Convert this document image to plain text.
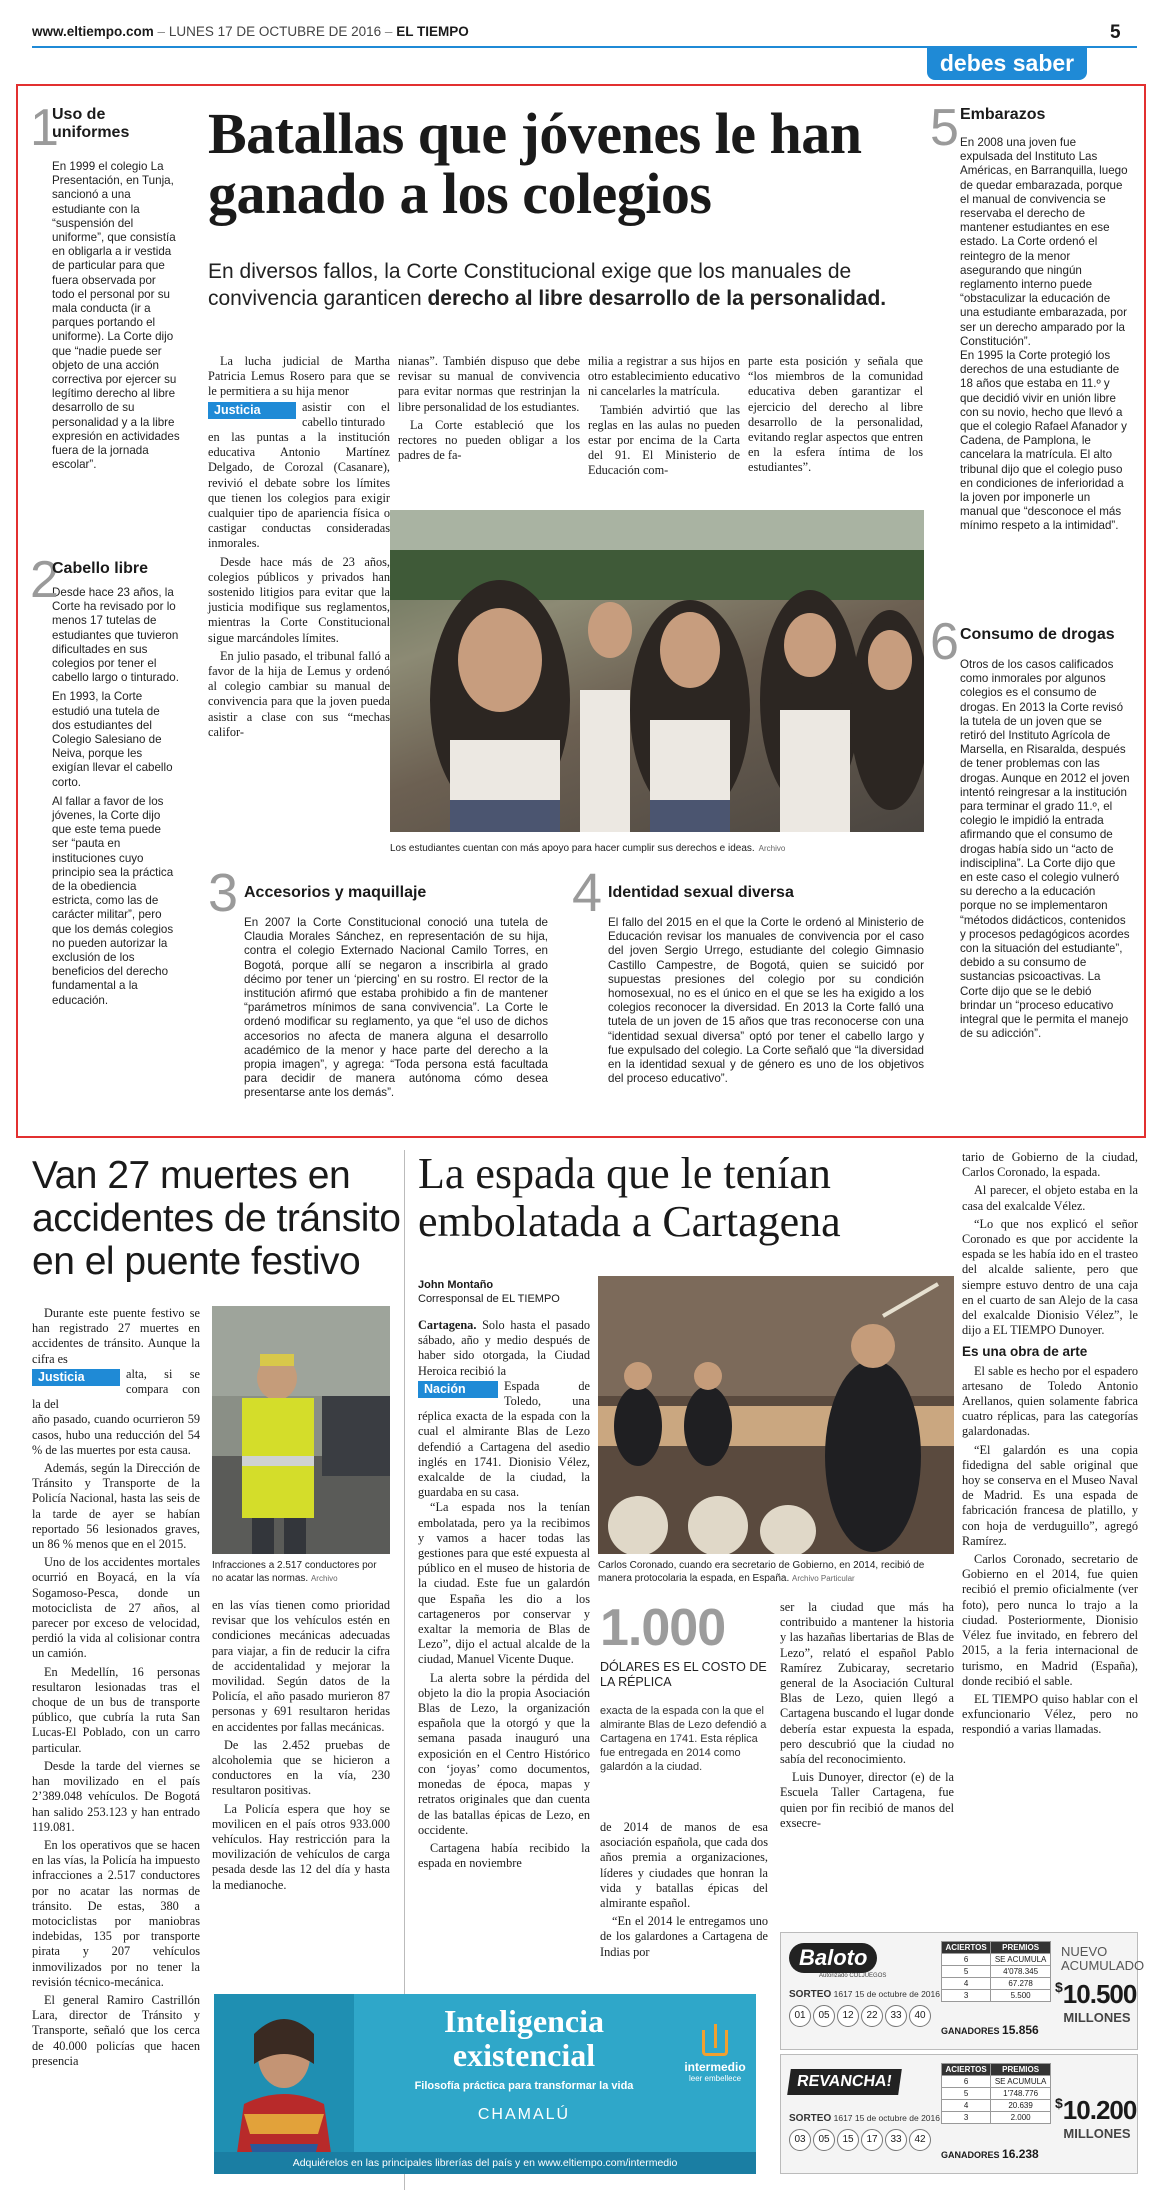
www.eltiempo.com – LUNES 17 DE OCTUBRE DE 2016 – EL TIEMPO	5
debes saber
1
Uso de uniformes
En 1999 el colegio La Presentación, en Tunja, sancionó a una estudiante con la “suspensión del uniforme”, que consistía en obligarla a ir vestida de particular para que fuera observada por todo el personal por su mala conducta (ir a parques portando el uniforme). La Corte dijo que “nadie puede ser objeto de una acción correctiva por ejercer su legítimo derecho al libre desarrollo de su personalidad y a la libre expresión en actividades fuera de la jornada escolar”.
2
Cabello libre
Desde hace 23 años, la Corte ha revisado por lo menos 17 tutelas de estudiantes que tuvieron dificultades en sus colegios por tener el cabello largo o tinturado.
En 1993, la Corte estudió una tutela de dos estudiantes del Colegio Salesiano de Neiva, porque les exigían llevar el cabello corto.
Al fallar a favor de los jóvenes, la Corte dijo que este tema puede ser “pauta en instituciones cuyo principio sea la práctica de la obediencia estricta, como las de carácter militar”, pero que los demás colegios no pueden autorizar la exclusión de los beneficios del derecho fundamental a la educación.
Batallas que jóvenes le han ganado a los colegios
En diversos fallos, la Corte Constitucional exige que los manuales de convivencia garanticen derecho al libre desarrollo de la personalidad.
La lucha judicial de Martha Patricia Lemus Rosero para que se le permitiera a su hija menor
Justicia	asistir con el cabello tinturado
en las puntas a la institución educativa Antonio Martínez Delgado, de Corozal (Casanare), revivió el debate sobre los límites que tienen los colegios para exigir cualquier tipo de apariencia física o castigar conductas consideradas inmorales.
Desde hace más de 23 años, colegios públicos y privados han sostenido litigios para evitar que la justicia modifique sus reglamentos, mientras la Corte Constitucional sigue marcándoles límites.
En julio pasado, el tribunal falló a favor de la hija de Lemus y ordenó al colegio cambiar su manual de convivencia para que la joven pueda asistir a clase con sus “mechas califor-
nianas”. También dispuso que debe revisar su manual de convivencia para evitar normas que restrinjan la libre personalidad de los estudiantes.
La Corte estableció que los rectores no pueden obligar a los padres de fa-
milia a registrar a sus hijos en otro establecimiento educativo ni cancelarles la matrícula.
También advirtió que las reglas en las aulas no pueden estar por encima de la Carta del 91. El Ministerio de Educación com-
parte esta posición y señala que “los miembros de la comunidad educativa deben garantizar el ejercicio del derecho al libre desarrollo de la personalidad, evitando reglar aspectos que entren en la esfera íntima de los estudiantes”.
Los estudiantes cuentan con más apoyo para hacer cumplir sus derechos e ideas. Archivo
3 Accesorios y maquillaje
En 2007 la Corte Constitucional conoció una tutela de Claudia Morales Sánchez, en representación de su hija, contra el colegio Externado Nacional Camilo Torres, en Bogotá, porque allí se negaron a inscribirla al grado décimo por tener un ‘piercing’ en su rostro. El rector de la institución afirmó que estaba prohibido a fin de mantener “parámetros mínimos de sana convivencia”. La Corte le ordenó modificar su reglamento, ya que “el uso de dichos accesorios no afecta de manera alguna el desarrollo académico de la menor y hace parte del derecho a la propia imagen”, y agrega: “Toda persona está facultada para decidir de manera autónoma cómo desea presentarse ante los demás”.
4 Identidad sexual diversa
El fallo del 2015 en el que la Corte le ordenó al Ministerio de Educación revisar los manuales de convivencia por el caso del joven Sergio Urrego, estudiante del colegio Gimnasio Castillo Campestre, de Bogotá, quien se suicidó por supuestas presiones del colegio por su condición homosexual, no es el único en el que se les ha exigido a los colegios reconocer la diversidad. En 2013 la Corte falló una tutela de un joven de 15 años que tras reconocerse con una “identidad sexual diversa” optó por tener el cabello largo y fue expulsado del colegio. La Corte señaló que “la diversidad en la identidad sexual y de género es uno de los objetivos del proceso educativo”.
5 Embarazos
En 2008 una joven fue expulsada del Instituto Las Américas, en Barranquilla, luego de quedar embarazada, porque el manual de convivencia se reservaba el derecho de mantener estudiantes en ese estado. La Corte ordenó el reintegro de la menor asegurando que ningún reglamento interno puede “obstaculizar la educación de una estudiante embarazada, por ser un derecho amparado por la Constitución”.
En 1995 la Corte protegió los derechos de una estudiante de 18 años que estaba en 11.º y que decidió vivir en unión libre con su novio, hecho que llevó a que el colegio Rafael Afanador y Cadena, de Pamplona, le cancelara la matrícula. El alto tribunal dijo que el colegio puso en condiciones de inferioridad a la joven por imponerle un manual que “desconoce el más mínimo respeto a la intimidad”.
6 Consumo de drogas
Otros de los casos calificados como inmorales por algunos colegios es el consumo de drogas. En 2013 la Corte revisó la tutela de un joven que se retiró del Instituto Agrícola de Marsella, en Risaralda, después de tener problemas con las drogas. Aunque en 2012 el joven intentó reingresar a la institución para terminar el grado 11.º, el colegio le impidió la entrada afirmando que el consumo de drogas había sido un “acto de indisciplina”. La Corte dijo que en este caso el colegio vulneró su derecho a la educación porque no se implementaron “métodos didácticos, contenidos y procesos pedagógicos acordes con la situación del estudiante”, debido a su consumo de sustancias psicoactivas. La Corte dijo que se le debió brindar un “proceso educativo integral que le permita el manejo de su adicción”.
Van 27 muertes en accidentes de tránsito en el puente festivo
Durante este puente festivo se han registrado 27 muertes en accidentes de tránsito. Aunque la cifra es
Justicia	alta, si se compara con la del
año pasado, cuando ocurrieron 59 casos, hubo una reducción del 54 % de las muertes por esta causa.
Además, según la Dirección de Tránsito y Transporte de la Policía Nacional, hasta las seis de la tarde de ayer se habían reportado 56 lesionados graves, un 86 % menos que en el 2015.
Uno de los accidentes mortales ocurrió en Boyacá, en la vía Sogamoso-Pesca, donde un motociclista de 27 años, al parecer por exceso de velocidad, perdió la vida al colisionar contra un camión.
En Medellín, 16 personas resultaron lesionadas tras el choque de un bus de transporte público, que cubría la ruta San Lucas-El Poblado, con un carro particular.
Desde la tarde del viernes se han movilizado en el país 2’389.048 vehículos. De Bogotá han salido 253.123 y han entrado 119.081.
En los operativos que se hacen en las vías, la Policía ha impuesto infracciones a 2.517 conductores por no acatar las normas de tránsito. De estas, 380 a motociclistas por maniobras indebidas, 135 por transporte pirata y 207 vehículos inmovilizados por no tener la revisión técnico-mecánica.
El general Ramiro Castrillón Lara, director de Tránsito y Transporte, señaló que los cerca de 40.000 policías que hacen presencia
Infracciones a 2.517 conductores por no acatar las normas. Archivo
en las vías tienen como prioridad revisar que los vehículos estén en condiciones mecánicas adecuadas para viajar, a fin de reducir la cifra de accidentalidad y mejorar la movilidad. Según datos de la Policía, el año pasado murieron 87 personas y 691 resultaron heridas en accidentes por fallas mecánicas.
De las 2.452 pruebas de alcoholemia que se hicieron a conductores en la vía, 230 resultaron positivas.
La Policía espera que hoy se movilicen en el país otros 933.000 vehículos. Hay restricción para la movilización de vehículos de carga pesada desde las 12 del día y hasta la medianoche.
La espada que le tenían embolatada a Cartagena
John Montaño
Corresponsal de EL TIEMPO
Cartagena. Solo hasta el pasado sábado, año y medio después de haber sido otorgada, la Ciudad Heroica recibió la
Nación	Espada de Toledo, una réplica exacta de la espada con la cual el almirante Blas de Lezo defendió a Cartagena del asedio inglés en 1741. Dionisio Vélez, exalcalde de la ciudad, la guardaba en su casa.
“La espada nos la tenían embolatada, pero ya la recibimos y vamos a hacer todas las gestiones para que esté expuesta al público en el museo de historia de la ciudad. Este fue un galardón que España les dio a los cartageneros por conservar y exaltar la memoria de Blas de Lezo”, dijo el actual alcalde de la ciudad, Manuel Vicente Duque.
La alerta sobre la pérdida del objeto la dio la propia Asociación Blas de Lezo, la organización española que la otorgó y que la semana pasada inauguró una exposición en el Centro Histórico con ‘joyas’ como documentos, monedas de época, mapas y retratos originales que dan cuenta de las batallas épicas de Lezo, en occidente.
Cartagena había recibido la espada en noviembre
Carlos Coronado, cuando era secretario de Gobierno, en 2014, recibió de manera protocolaria la espada, en España. Archivo Particular
1.000
DÓLARES ES EL COSTO DE LA RÉPLICA
exacta de la espada con la que el almirante Blas de Lezo defendió a Cartagena en 1741. Esta réplica fue entregada en 2014 como galardón a la ciudad.
de 2014 de manos de esa asociación española, que cada dos años premia a organizaciones, líderes y ciudades que honran la vida y batallas épicas del almirante español.
“En el 2014 le entregamos uno de los galardones a Cartagena de Indias por
ser la ciudad que más ha contribuido a mantener la historia y las hazañas libertarias de Blas de Lezo”, relató el español Pablo Ramírez Zubicaray, secretario general de la Asociación Cultural Blas de Lezo, quien llegó a Cartagena buscando el lugar donde debería estar expuesta la espada, pero descubrió que la ciudad no sabía del reconocimiento.
Luis Dunoyer, director (e) de la Escuela Taller Cartagena, fue quien por fin recibió de manos del exsecre-
tario de Gobierno de la ciudad, Carlos Coronado, la espada.
Al parecer, el objeto estaba en la casa del exalcalde Vélez.
“Lo que nos explicó el señor Coronado es que por accidente la espada se les había ido en el trasteo del alcalde saliente, pero que siempre estuvo dentro de una caja en el cuarto de san Alejo de la casa del exalcalde Dionisio Vélez”, le dijo a EL TIEMPO Dunoyer.
Es una obra de arte
El sable es hecho por el espadero artesano de Toledo Antonio Arellanos, quien solamente fabrica cuatro réplicas, para las categorías galardonadas.
“El galardón es una copia fidedigna del sable original que hoy se conserva en el Museo Naval de Madrid. Es una espada de fabricación francesa de platillo, y con hoja de verduguillo”, agregó Ramírez.
Carlos Coronado, secretario de Gobierno en el 2014, fue quien recibió el premio oficialmente (ver foto), pero nunca lo trajo a la ciudad. Posteriormente, Dionisio Vélez fue invitado, en febrero del 2015, a la feria internacional de turismo, en Madrid (España), donde recibió el sable.
EL TIEMPO quiso hablar con el exfuncionario Vélez, pero no respondió a varias llamadas.
Inteligencia
existencial
Filosofía práctica para transformar la vida
CHAMALÚ
intermedio
leer embellece
Adquiérelos en las principales librerías del país y en www.eltiempo.com/intermedio
Baloto
Autorizado COLJUEGOS
SORTEO 1617 15 de octubre de 2016
01 05 12 22 33 40
ACIERTOS	PREMIOS
6	SE ACUMULA
5	4'078.345
4	67.278
3	5.500
GANADORES 15.856
NUEVO ACUMULADO
$10.500
MILLONES
REVANCHA!
SORTEO 1617 15 de octubre de 2016
03 05 15 17 33 42
ACIERTOS	PREMIOS
6	SE ACUMULA
5	1'748.776
4	20.639
3	2.000
GANADORES 16.238
$10.200
MILLONES
